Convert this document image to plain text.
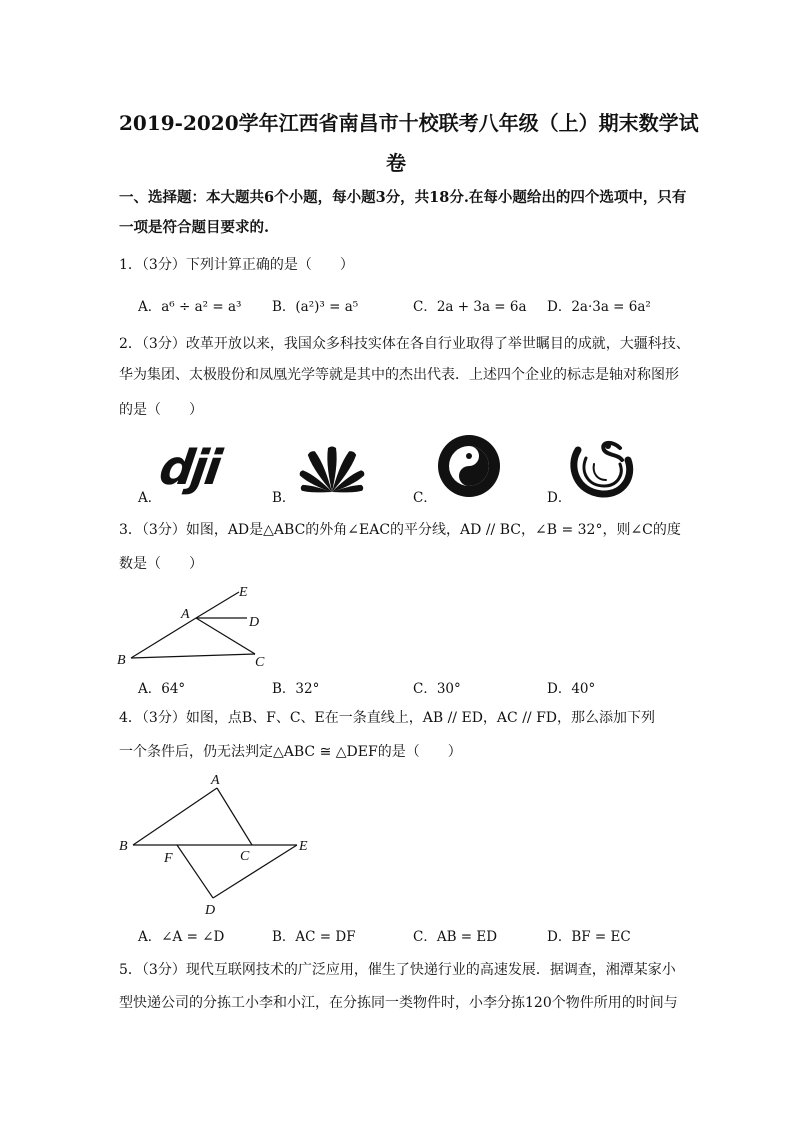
2019-2020学年江西省南昌市十校联考八年级（上）期末数学试
卷
一、选择题：本大题共6个小题，每小题3分，共18分.在每小题给出的四个选项中，只有
一项是符合题目要求的.
1．（3分）下列计算正确的是（　　）
A．a⁶ ÷ a² = a³ B．(a²)³ = a⁵	C．2a + 3a = 6a D．2a·3a = 6a²
2．（3分）改革开放以来，我国众多科技实体在各自行业取得了举世瞩目的成就，大疆科技、
华为集团、太极股份和凤凰光学等就是其中的杰出代表．上述四个企业的标志是轴对称图形
的是（　　）
A．	B．	C．	D．
dji
3．（3分）如图，AD是△ABC的外角∠EAC的平分线，AD // BC，∠B = 32°，则∠C的度
数是（　　）
A
B	C
D
E
A．64°	B．32°	C．30°	D．40°
4．（3分）如图，点B、F、C、E在一条直线上，AB // ED，AC // FD，那么添加下列
一个条件后，仍无法判定△ABC ≅ △DEF的是（　　）
A
B
C
D
E
F
A．∠A = ∠D	B．AC = DF	C．AB = ED	D．BF = EC
5．（3分）现代互联网技术的广泛应用，催生了快递行业的高速发展．据调查，湘潭某家小
型快递公司的分拣工小李和小江，在分拣同一类物件时，小李分拣120个物件所用的时间与
